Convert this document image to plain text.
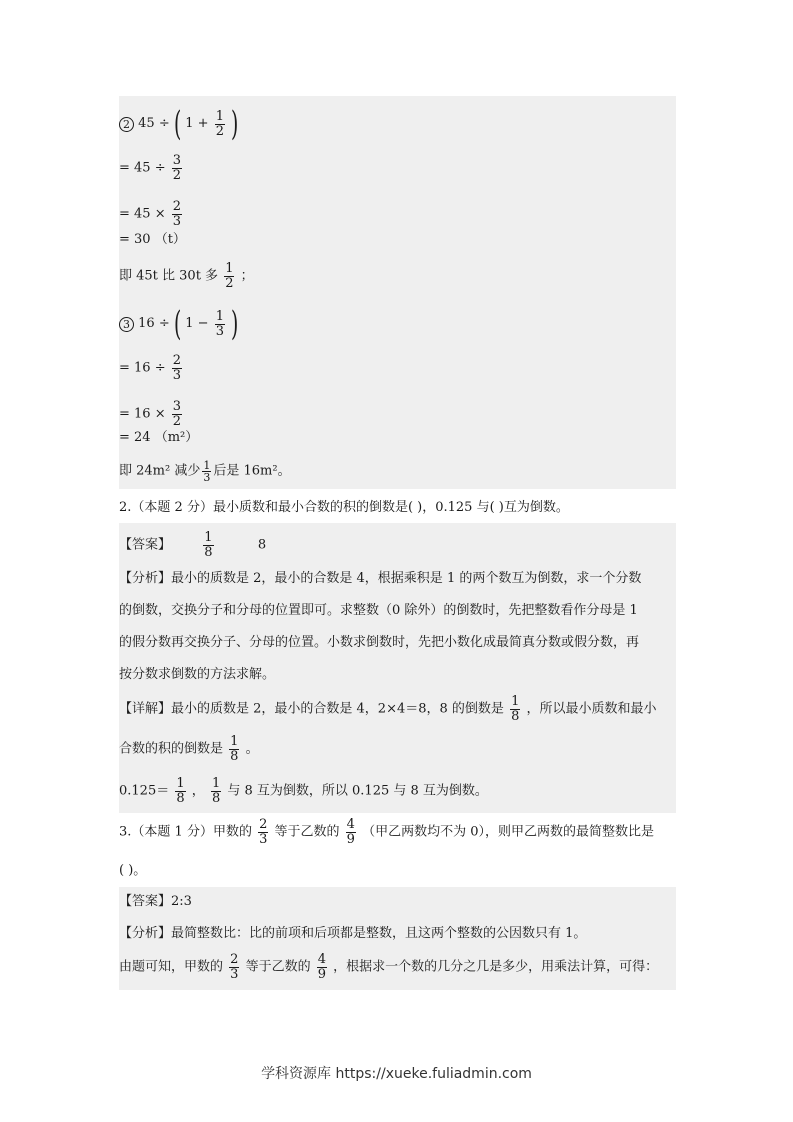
2 45 ÷ ( $1 + \frac{1}{2}$ )
= $45 \div \frac{3}{2}$
= $45 \times \frac{2}{3}$
= 30 （t）
即 45t 比 30t 多 $\frac{1}{2}$ ；
3 16 ÷ ( $1 - \frac{1}{3}$ )
= $16 \div \frac{2}{3}$
= $16 \times \frac{3}{2}$
= 24 （m²）
即 24m² 减少 $\frac{1}{3}$ 后是 16m²。
2.（本题 2 分）最小质数和最小合数的积的倒数是( )，0.125 与( )互为倒数。
【答案】 $\frac{1}{8}$	8
【分析】最小的质数是 2，最小的合数是 4，根据乘积是 1 的两个数互为倒数，求一个分数
的倒数，交换分子和分母的位置即可。求整数（0 除外）的倒数时，先把整数看作分母是 1
的假分数再交换分子、分母的位置。小数求倒数时，先把小数化成最简真分数或假分数，再
按分数求倒数的方法求解。
【详解】最小的质数是 2，最小的合数是 4，2×4＝8，8 的倒数是 $\frac{1}{8}$ ，所以最小质数和最小
合数的积的倒数是 $\frac{1}{8}$ 。
$0.125= \frac{1}{8}$ ， $\frac{1}{8}$ 与 8 互为倒数，所以 0.125 与 8 互为倒数。
3.（本题 1 分）甲数的 $\frac{2}{3}$ 等于乙数的 $\frac{4}{9}$ （甲乙两数均不为 0），则甲乙两数的最简整数比是
( )。
【答案】2:3
【分析】最简整数比：比的前项和后项都是整数，且这两个整数的公因数只有 1。
由题可知，甲数的 $\frac{2}{3}$ 等于乙数的 $\frac{4}{9}$ ，根据求一个数的几分之几是多少，用乘法计算，可得：
学科资源库 https://xueke.fuliadmin.com
